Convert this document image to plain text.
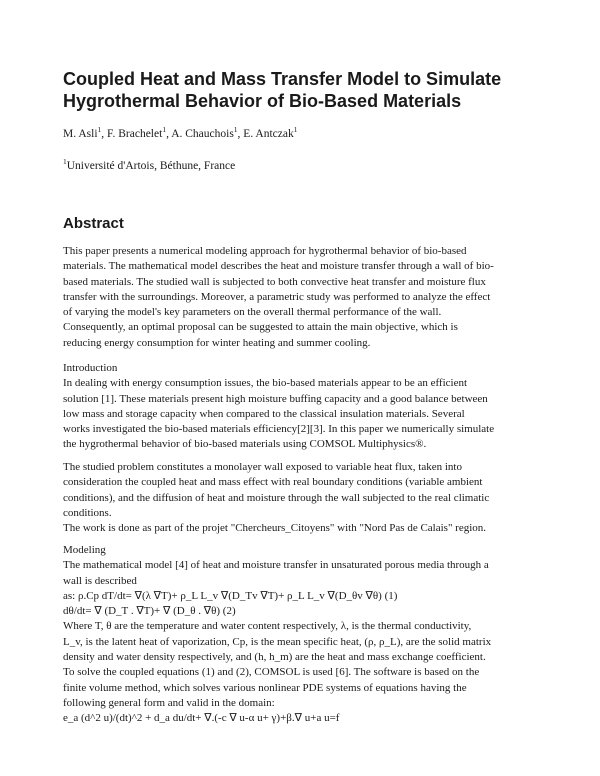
Coupled Heat and Mass Transfer Model to Simulate
Hygrothermal Behavior of Bio-Based Materials
M. Asli$^1$, F. Brachelet$^1$, A. Chauchois$^1$, E. Antczak$^1$
$^1$Université d'Artois, Béthune, France
Abstract
This paper presents a numerical modeling approach for hygrothermal behavior of bio-based
materials. The mathematical model describes the heat and moisture transfer through a wall of bio-
based materials. The studied wall is subjected to both convective heat transfer and moisture flux
transfer with the surroundings. Moreover, a parametric study was performed to analyze the effect
of varying the model's key parameters on the overall thermal performance of the wall.
Consequently, an optimal proposal can be suggested to attain the main objective, which is
reducing energy consumption for winter heating and summer cooling.
Introduction
In dealing with energy consumption issues, the bio-based materials appear to be an efficient
solution [1]. These materials present high moisture buffing capacity and a good balance between
low mass and storage capacity when compared to the classical insulation materials. Several
works investigated the bio-based materials efficiency[2][3]. In this paper we numerically simulate
the hygrothermal behavior of bio-based materials using COMSOL Multiphysics®.
The studied problem constitutes a monolayer wall exposed to variable heat flux, taken into
consideration the coupled heat and mass effect with real boundary conditions (variable ambient
conditions), and the diffusion of heat and moisture through the wall subjected to the real climatic
conditions.
The work is done as part of the projet "Chercheurs_Citoyens" with "Nord Pas de Calais" region.
Modeling
The mathematical model [4] of heat and moisture transfer in unsaturated porous media through a
wall is described
as: ρ.Cp dT/dt= ∇(λ ∇T)+ ρ_L L_v ∇(D_Tv ∇T)+ ρ_L L_v ∇(D_θv ∇θ) (1)
dθ/dt= ∇ (D_T . ∇T)+ ∇ (D_θ . ∇θ) (2)
Where T, θ are the temperature and water content respectively, λ, is the thermal conductivity,
L_v, is the latent heat of vaporization, Cp, is the mean specific heat, (ρ, ρ_L), are the solid matrix
density and water density respectively, and (h, h_m) are the heat and mass exchange coefficient.
To solve the coupled equations (1) and (2), COMSOL is used [6]. The software is based on the
finite volume method, which solves various nonlinear PDE systems of equations having the
following general form and valid in the domain:
e_a (d^2 u)/(dt)^2 + d_a du/dt+ ∇.(-c ∇ u-α u+ γ)+β.∇ u+a u=f
